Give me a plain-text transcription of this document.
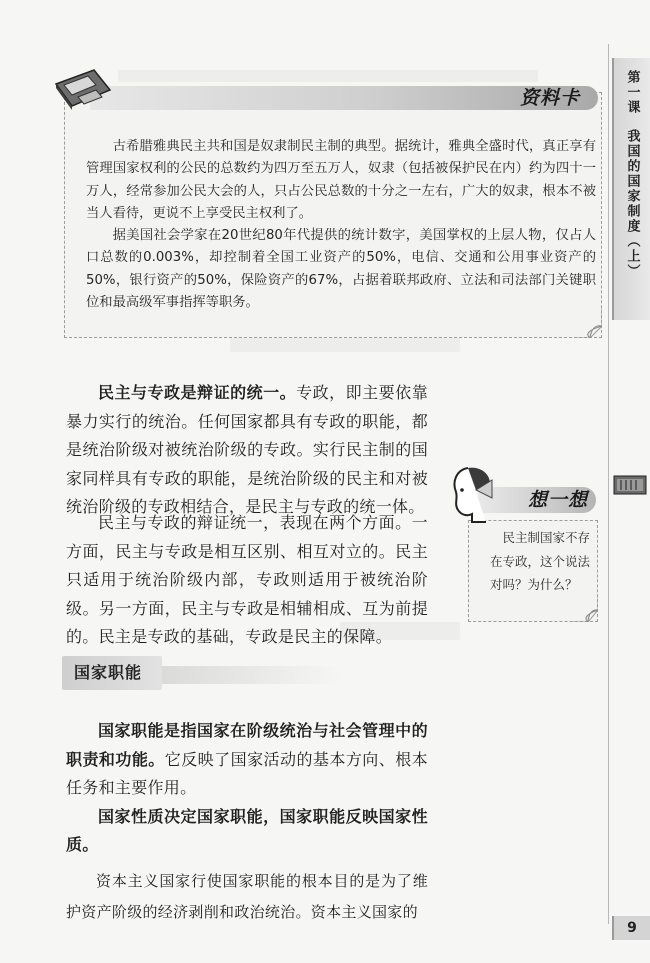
第一课
我国的国家制度（上）
资料卡

古希腊雅典民主共和国是奴隶制民主制的典型。据统计，雅典全盛时代，真正享有管理国家权利的公民的总数约为四万至五万人，奴隶（包括被保护民在内）约为四十一万人，经常参加公民大会的人，只占公民总数的十分之一左右，广大的奴隶，根本不被当人看待，更说不上享受民主权利了。

据美国社会学家在20世纪80年代提供的统计数字，美国掌权的上层人物，仅占人口总数的0.003%，却控制着全国工业资产的50%，电信、交通和公用事业资产的50%，银行资产的50%，保险资产的67%，占据着联邦政府、立法和司法部门关键职位和最高级军事指挥等职务。

民主与专政是辩证的统一。专政，即主要依靠暴力实行的统治。任何国家都具有专政的职能，都是统治阶级对被统治阶级的专政。实行民主制的国家同样具有专政的职能，是统治阶级的民主和对被统治阶级的专政相结合，是民主与专政的统一体。

民主与专政的辩证统一，表现在两个方面。一方面，民主与专政是相互区别、相互对立的。民主只适用于统治阶级内部，专政则适用于被统治阶级。另一方面，民主与专政是相辅相成、互为前提的。民主是专政的基础，专政是民主的保障。

想一想
民主制国家不存在专政，这个说法对吗？为什么？
国家职能

国家职能是指国家在阶级统治与社会管理中的职责和功能。它反映了国家活动的基本方向、根本任务和主要作用。

国家性质决定国家职能，国家职能反映国家性质。

资本主义国家行使国家职能的根本目的是为了维护资产阶级的经济剥削和政治统治。资本主义国家的

9
